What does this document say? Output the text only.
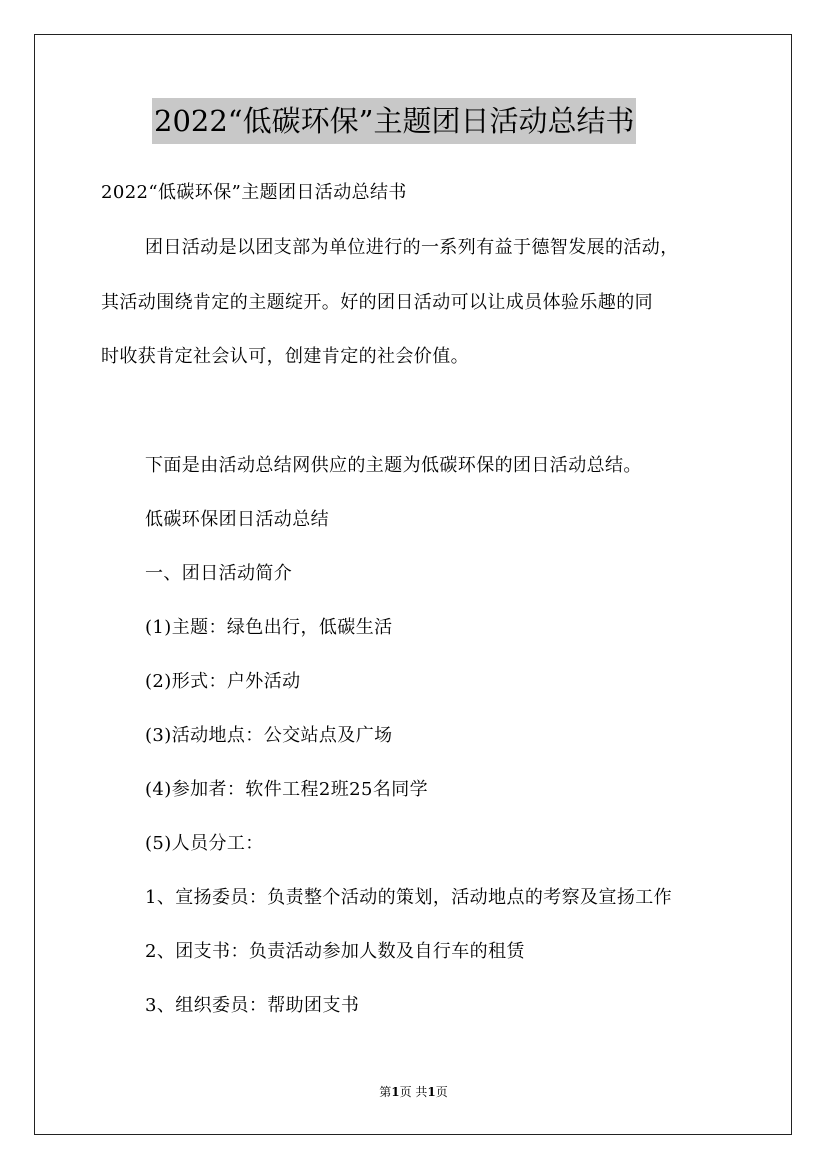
2022“低碳环保”主题团日活动总结书
2022“低碳环保”主题团日活动总结书
团日活动是以团支部为单位进行的一系列有益于德智发展的活动，
其活动围绕肯定的主题绽开。好的团日活动可以让成员体验乐趣的同
时收获肯定社会认可，创建肯定的社会价值。
下面是由活动总结网供应的主题为低碳环保的团日活动总结。
低碳环保团日活动总结
一、团日活动简介
(1)主题：绿色出行，低碳生活
(2)形式：户外活动
(3)活动地点：公交站点及广场
(4)参加者：软件工程2班25名同学
(5)人员分工：
1、宣扬委员：负责整个活动的策划，活动地点的考察及宣扬工作
2、团支书：负责活动参加人数及自行车的租赁
3、组织委员：帮助团支书
第1页 共1页
